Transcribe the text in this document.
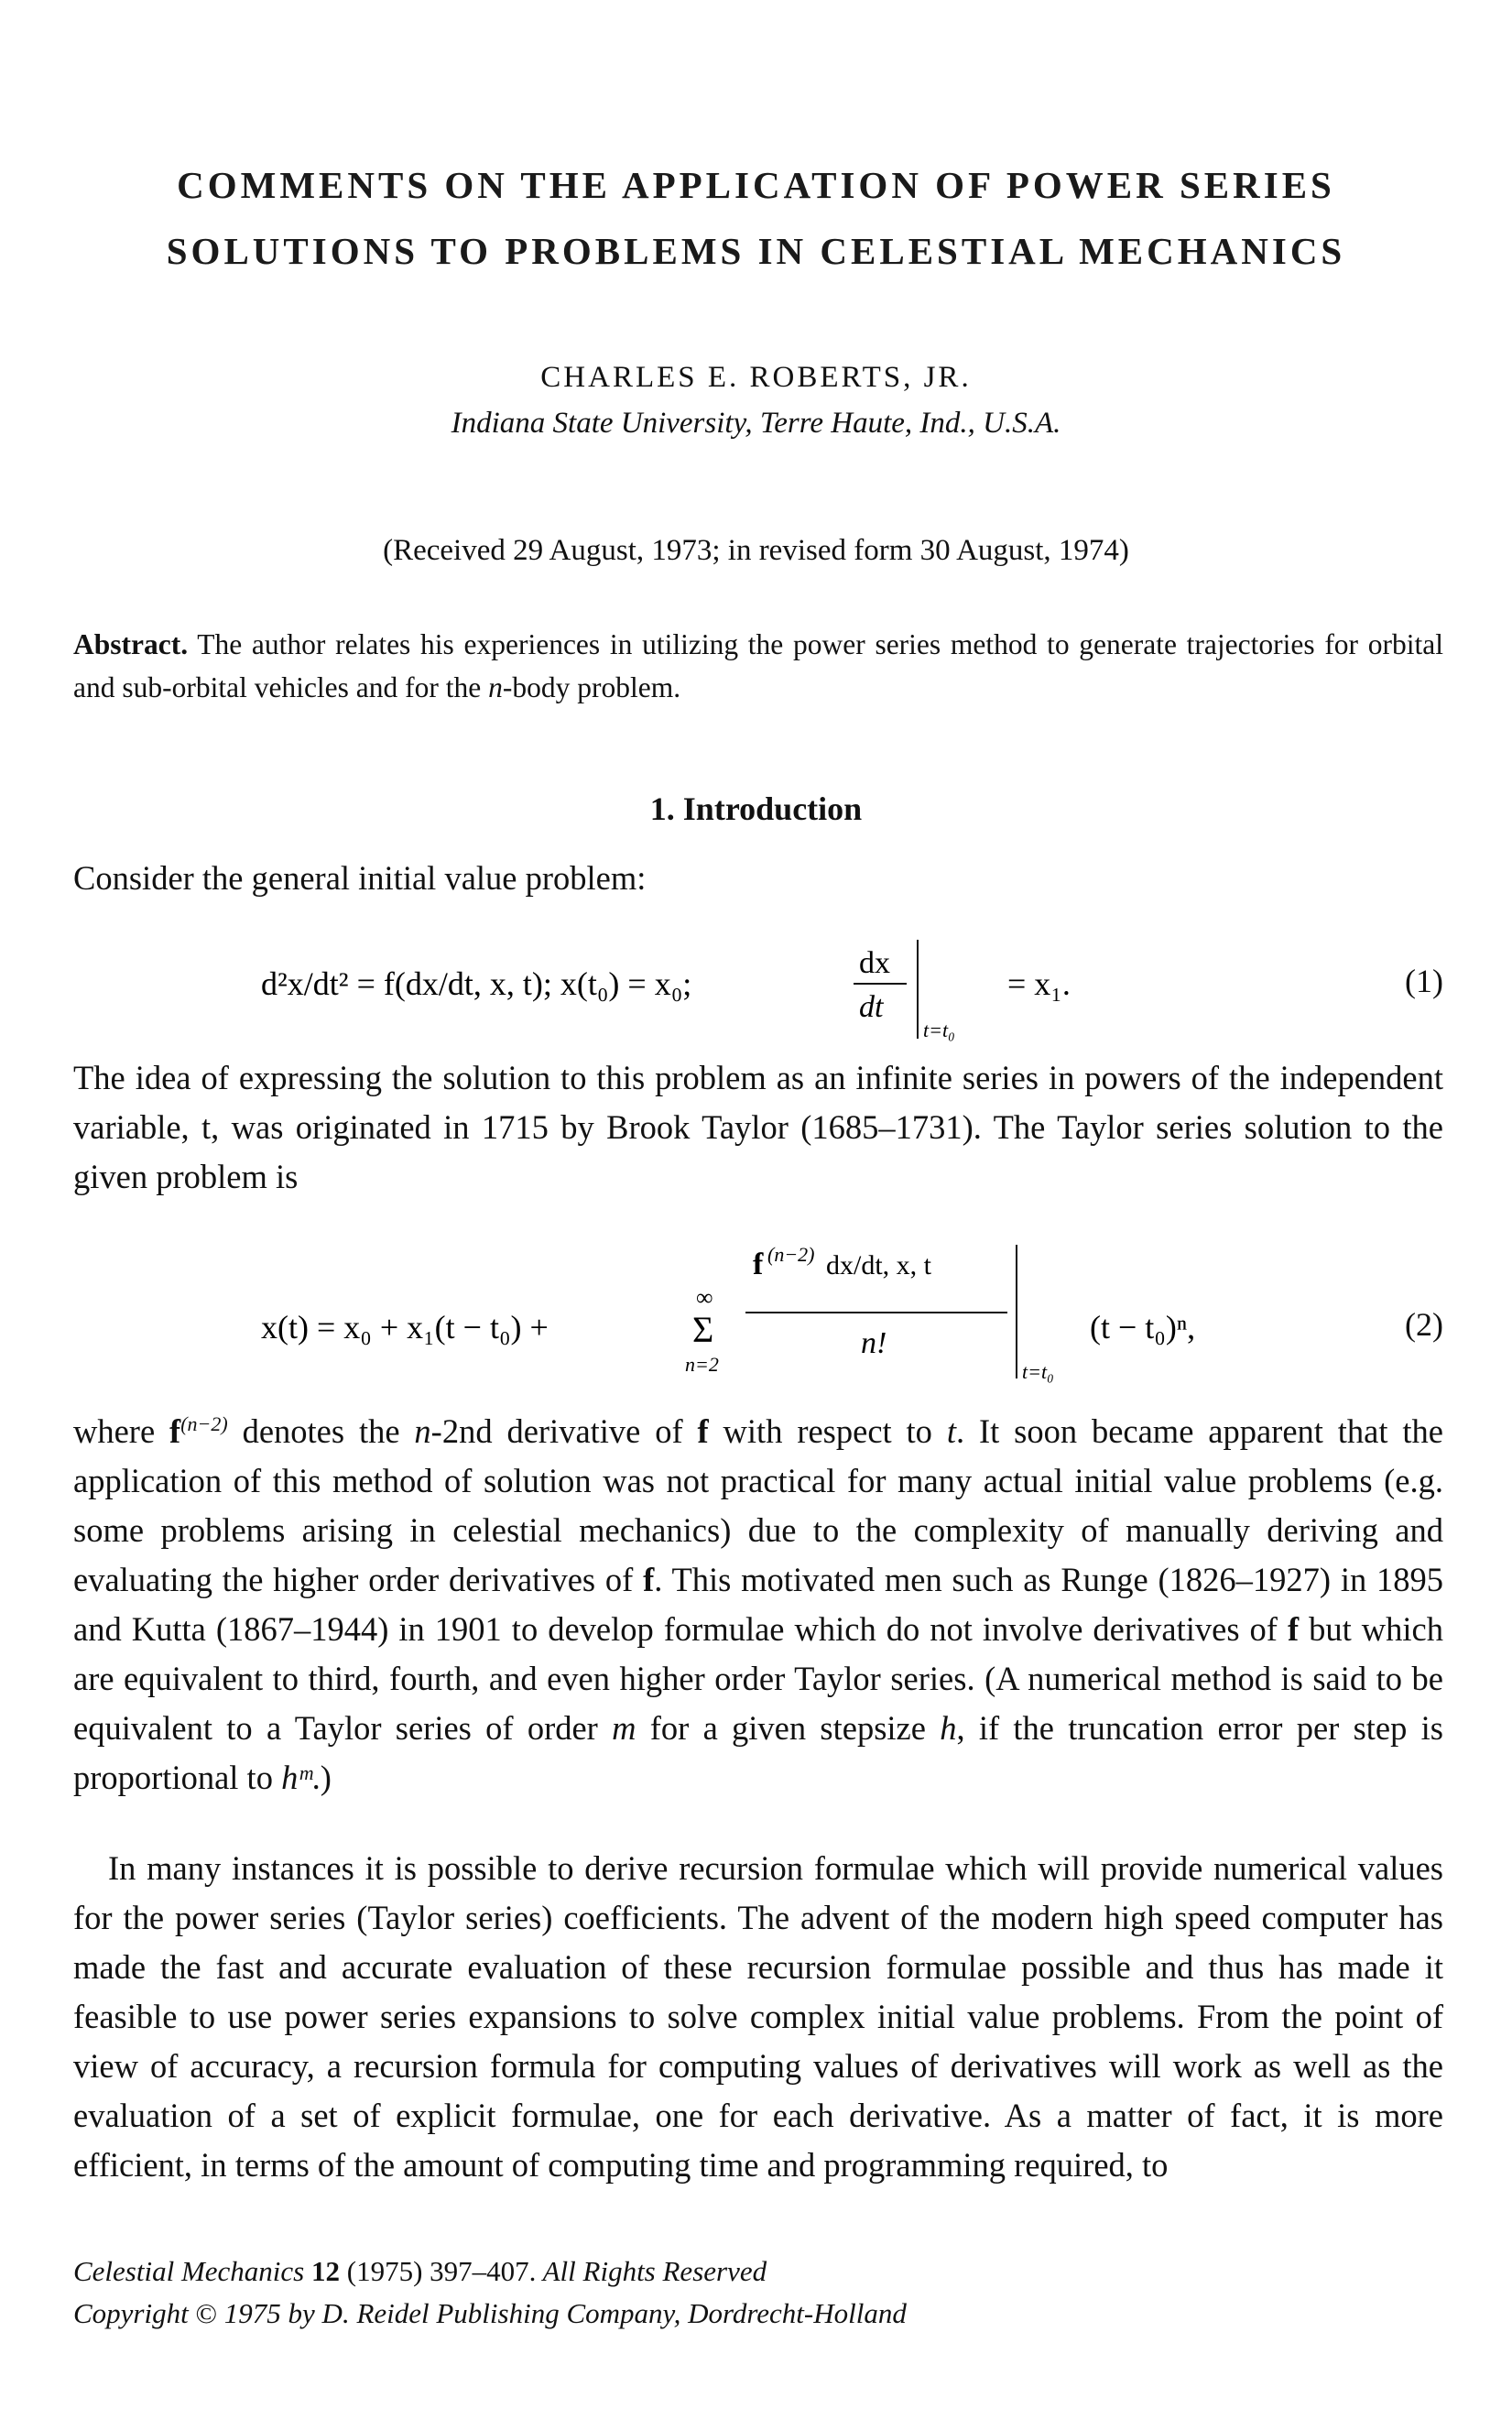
COMMENTS ON THE APPLICATION OF POWER SERIES
SOLUTIONS TO PROBLEMS IN CELESTIAL MECHANICS
CHARLES E. ROBERTS, JR.
Indiana State University, Terre Haute, Ind., U.S.A.
(Received 29 August, 1973; in revised form 30 August, 1974)
Abstract. The author relates his experiences in utilizing the power series method to generate trajectories for orbital and sub-orbital vehicles and for the n-body problem.
1. Introduction
Consider the general initial value problem:
d²x/dt² = f(dx/dt, x, t); x(t₀) = x₀;
dx
dt
t=t₀
= x₁.	(1)
The idea of expressing the solution to this problem as an infinite series in powers of the independent variable, t, was originated in 1715 by Brook Taylor (1685–1731). The Taylor series solution to the given problem is
x(t) = x₀ + x₁(t − t₀) +
∞
Σ
n=2
f (n−2) dx/dt, x, t
n!
t=t₀
(t − t₀)ⁿ,	(2)
where $f^{(n-2)}$ denotes the n-2nd derivative of f with respect to t. It soon became apparent that the application of this method of solution was not practical for many actual initial value problems (e.g. some problems arising in celestial mechanics) due to the complexity of manually deriving and evaluating the higher order derivatives of f. This motivated men such as Runge (1826–1927) in 1895 and Kutta (1867–1944) in 1901 to develop formulae which do not involve derivatives of f but which are equivalent to third, fourth, and even higher order Taylor series. (A numerical method is said to be equivalent to a Taylor series of order m for a given stepsize h, if the truncation error per step is proportional to hᵐ.)
In many instances it is possible to derive recursion formulae which will provide numerical values for the power series (Taylor series) coefficients. The advent of the modern high speed computer has made the fast and accurate evaluation of these recursion formulae possible and thus has made it feasible to use power series expansions to solve complex initial value problems. From the point of view of accuracy, a recursion formula for computing values of derivatives will work as well as the evaluation of a set of explicit formulae, one for each derivative. As a matter of fact, it is more efficient, in terms of the amount of computing time and programming required, to
Celestial Mechanics 12 (1975) 397–407. All Rights Reserved
Copyright © 1975 by D. Reidel Publishing Company, Dordrecht-Holland
